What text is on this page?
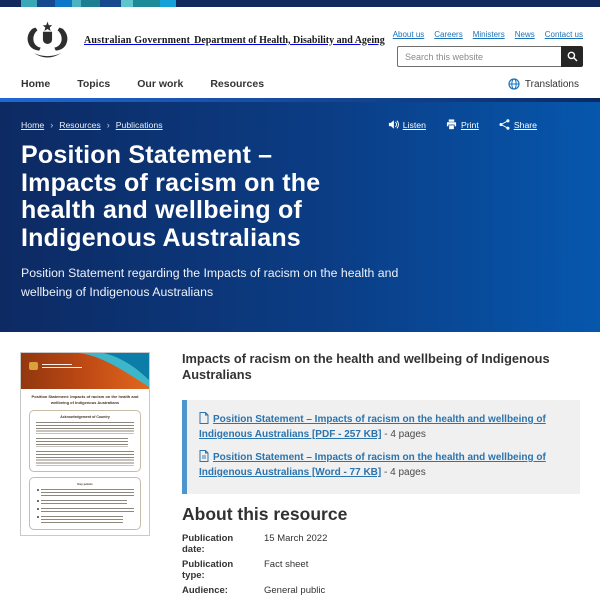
Australian Government Department of Health, Disability and Ageing
About us Careers Ministers News Contact us
Search this website
Home	Topics	Our work	Resources	Translations
Home › Resources › Publications	Listen	Print	Share
Position Statement – Impacts of racism on the health and wellbeing of Indigenous Australians

Position Statement regarding the Impacts of racism on the health and wellbeing of Indigenous Australians

Position Statement: Impacts of racism on the health and wellbeing of Indigenous Australians
Acknowledgement of Country
Key points
Impacts of racism on the health and wellbeing of Indigenous Australians
Position Statement – Impacts of racism on the health and wellbeing of Indigenous Australians [PDF - 257 KB] - 4 pages
Position Statement – Impacts of racism on the health and wellbeing of Indigenous Australians [Word - 77 KB] - 4 pages
About this resource
Publication date:
15 March 2022
Publication type:
Fact sheet
Audience:	General public
